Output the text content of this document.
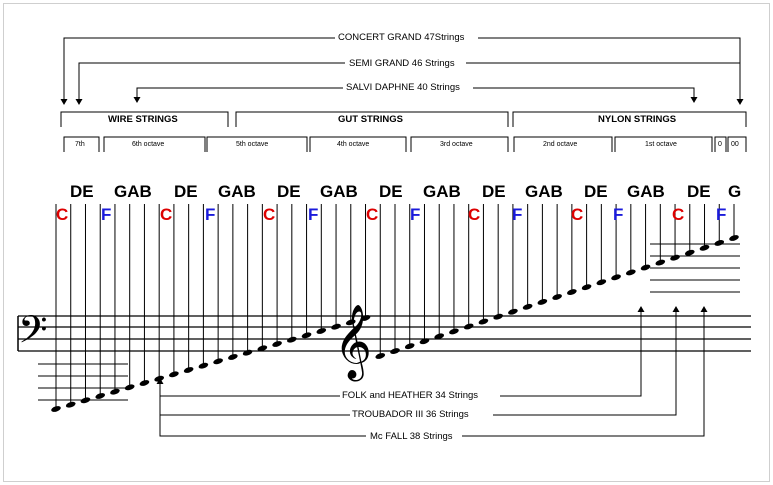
𝄢	𝄞
CONCERT GRAND 47Strings
SEMI GRAND 46 Strings
SALVI DAPHNE 40 Strings
WIRE STRINGS	GUT STRINGS	NYLON STRINGS
7th	6th octave	5th octave	4th octave	3rd octave	2nd octave	1st octave	0 00
DE GAB DE GAB DE GAB DE GAB DE GAB DE GAB DE G
C	C	C	C	C	C	C
F	F	F	F	F	F	F
FOLK and HEATHER 34 Strings
TROUBADOR III 36 Strings
Mc FALL 38 Strings
